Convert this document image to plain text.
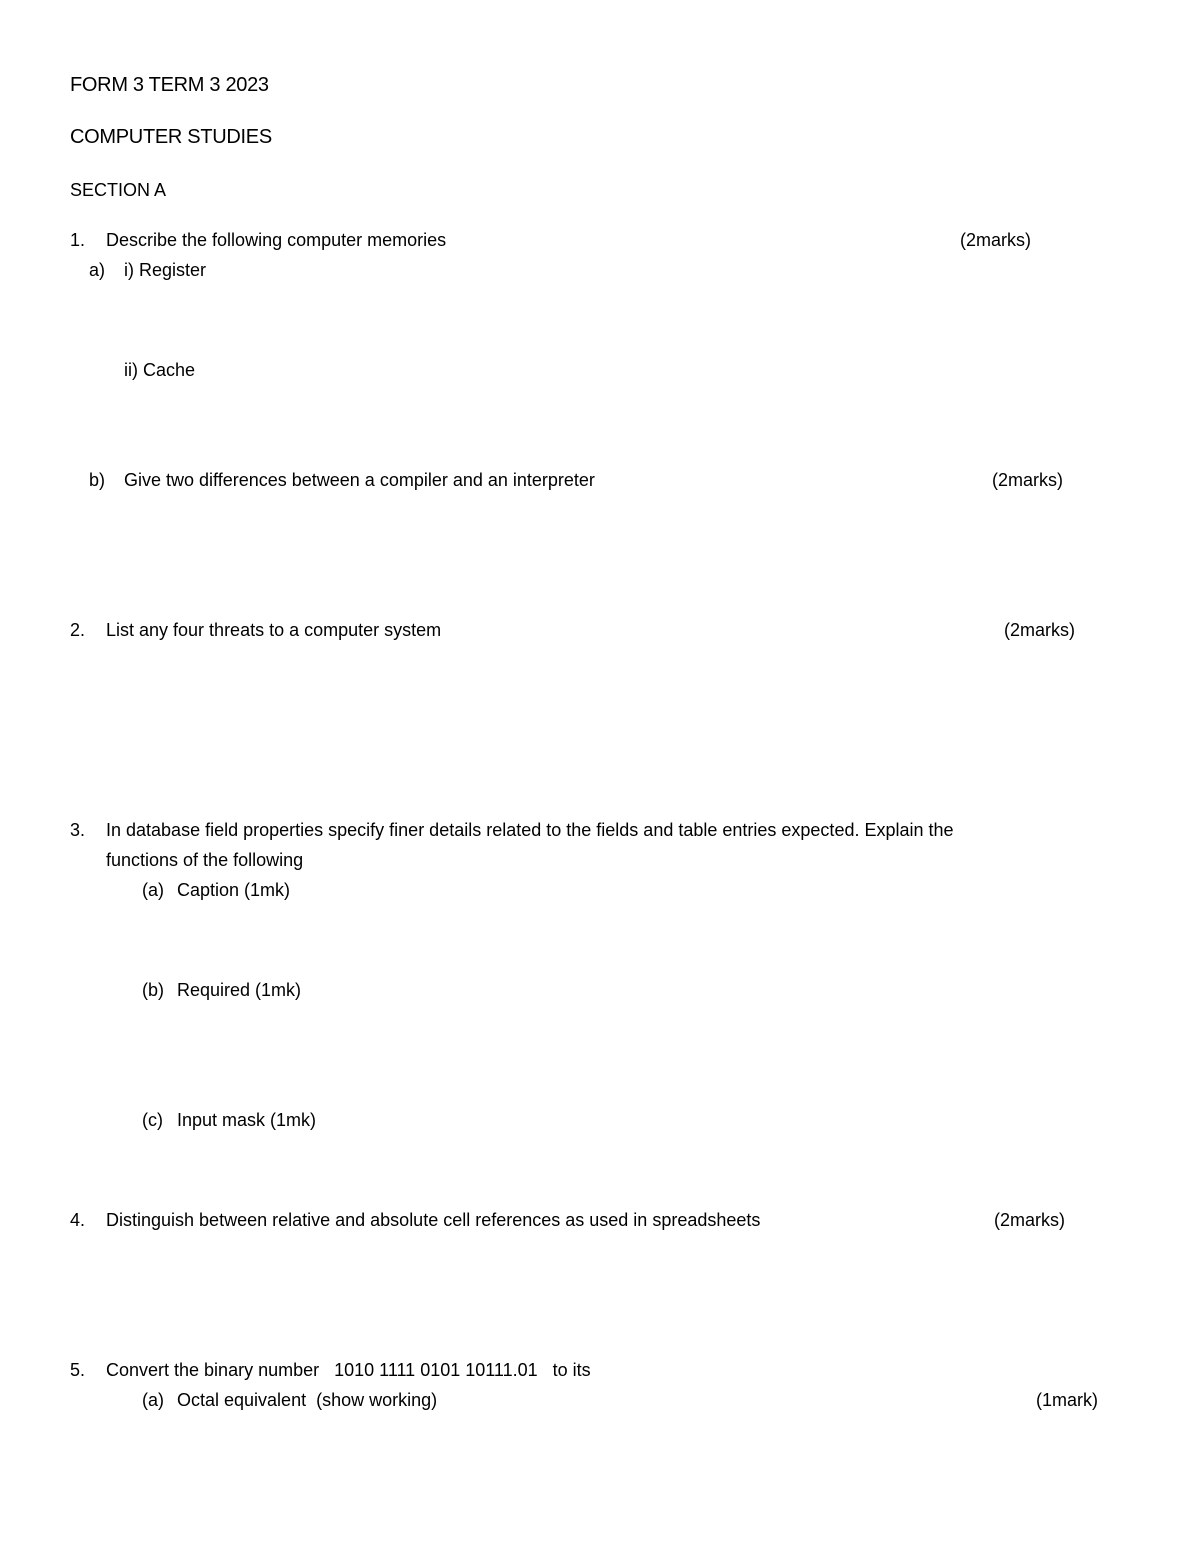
FORM 3 TERM 3 2023
COMPUTER STUDIES
SECTION A
1. Describe the following computer memories	(2marks)
a) i) Register
ii) Cache
b) Give two differences between a compiler and an interpreter	(2marks)
2. List any four threats to a computer system	(2marks)
3. In database field properties specify finer details related to the fields and table entries expected. Explain the
functions of the following
(a) Caption (1mk)
(b) Required (1mk)
(c) Input mask (1mk)
4. Distinguish between relative and absolute cell references as used in spreadsheets	(2marks)
5. Convert the binary number   1010 1111 0101 10111.01   to its
(a) Octal equivalent  (show working)	(1mark)
